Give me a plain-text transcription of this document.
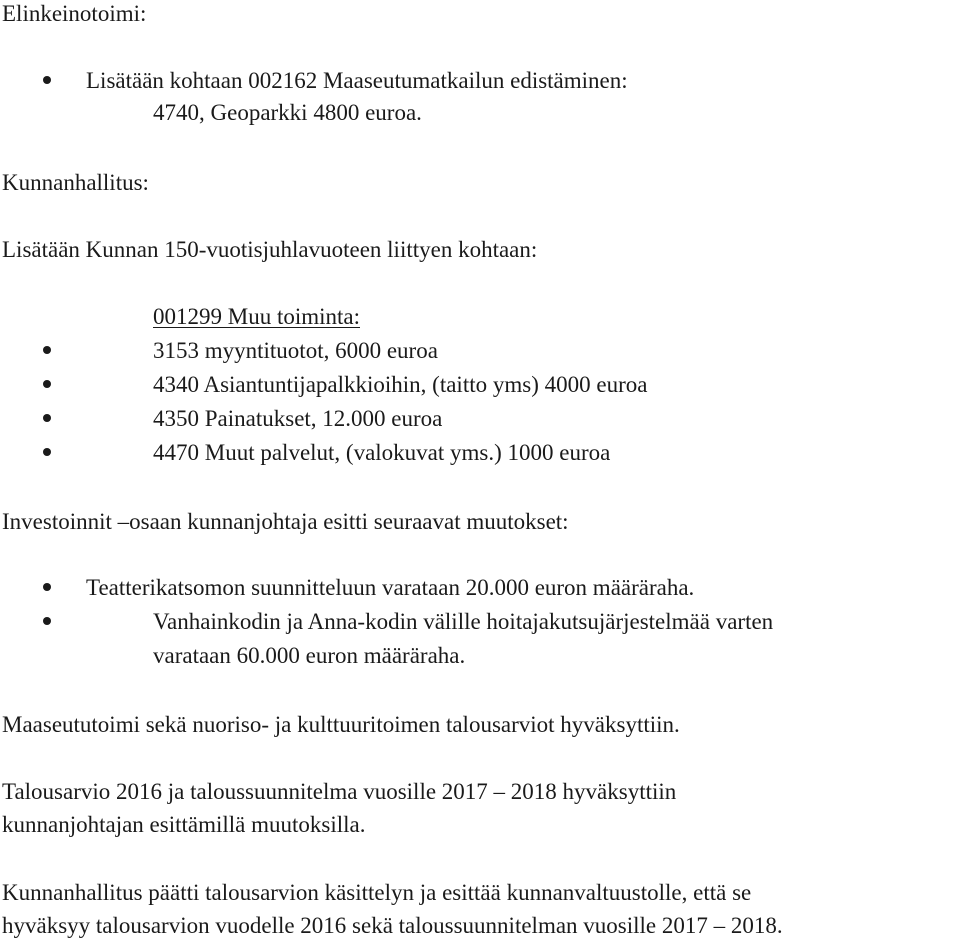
Elinkeinotoimi:
Lisätään kohtaan 002162 Maaseutumatkailun edistäminen:
4740, Geoparkki 4800 euroa.
Kunnanhallitus:
Lisätään Kunnan 150-vuotisjuhlavuoteen liittyen kohtaan:
001299 Muu toiminta:
3153 myyntituotot, 6000 euroa
4340 Asiantuntijapalkkioihin, (taitto yms) 4000 euroa
4350 Painatukset, 12.000 euroa
4470 Muut palvelut, (valokuvat yms.) 1000 euroa
Investoinnit –osaan kunnanjohtaja esitti seuraavat muutokset:
Teatterikatsomon suunnitteluun varataan 20.000 euron määräraha.
Vanhainkodin ja Anna-kodin välille hoitajakutsujärjestelmää varten
varataan 60.000 euron määräraha.
Maaseututoimi sekä nuoriso- ja kulttuuritoimen talousarviot hyväksyttiin.
Talousarvio 2016 ja taloussuunnitelma vuosille 2017 – 2018 hyväksyttiin
kunnanjohtajan esittämillä muutoksilla.
Kunnanhallitus päätti talousarvion käsittelyn ja esittää kunnanvaltuustolle, että se
hyväksyy talousarvion vuodelle 2016 sekä taloussuunnitelman vuosille 2017 – 2018.
